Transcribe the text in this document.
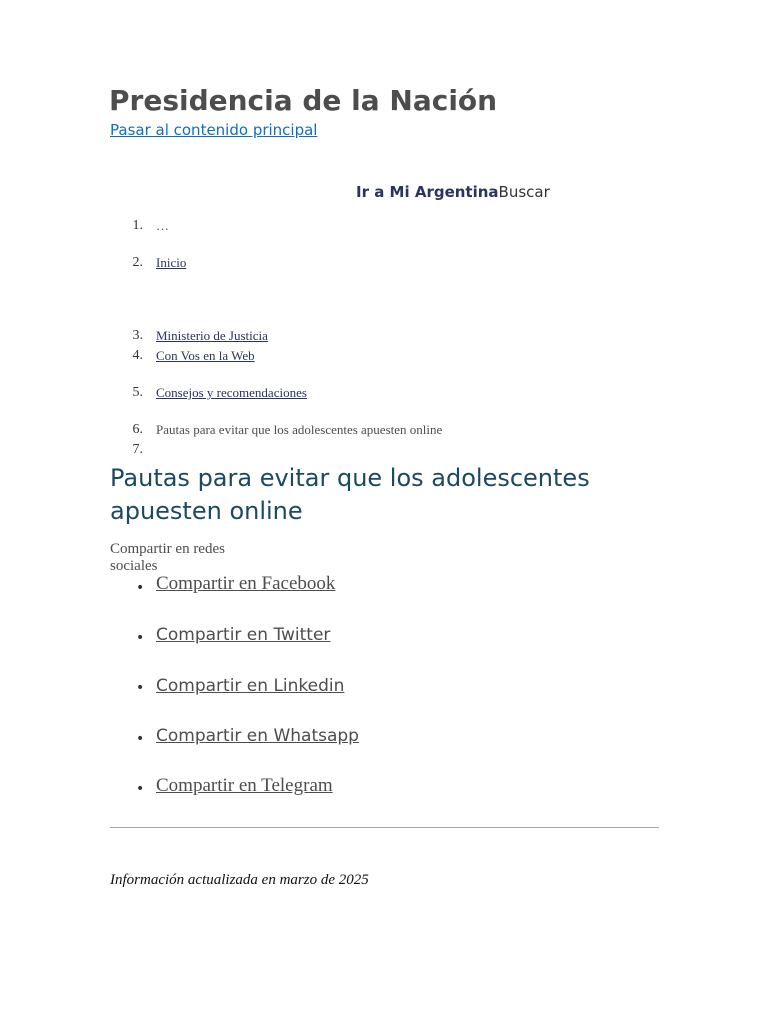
Presidencia de la Nación
Pasar al contenido principal
Ir a Mi ArgentinaBuscar
1. …
2. Inicio
3. Ministerio de Justicia
4. Con Vos en la Web
5. Consejos y recomendaciones
6. Pautas para evitar que los adolescentes apuesten online
7.
Pautas para evitar que los adolescentes apuesten online
Compartir en redes sociales
• Compartir en Facebook
• Compartir en Twitter
• Compartir en Linkedin
• Compartir en Whatsapp
• Compartir en Telegram

Información actualizada en marzo de 2025
